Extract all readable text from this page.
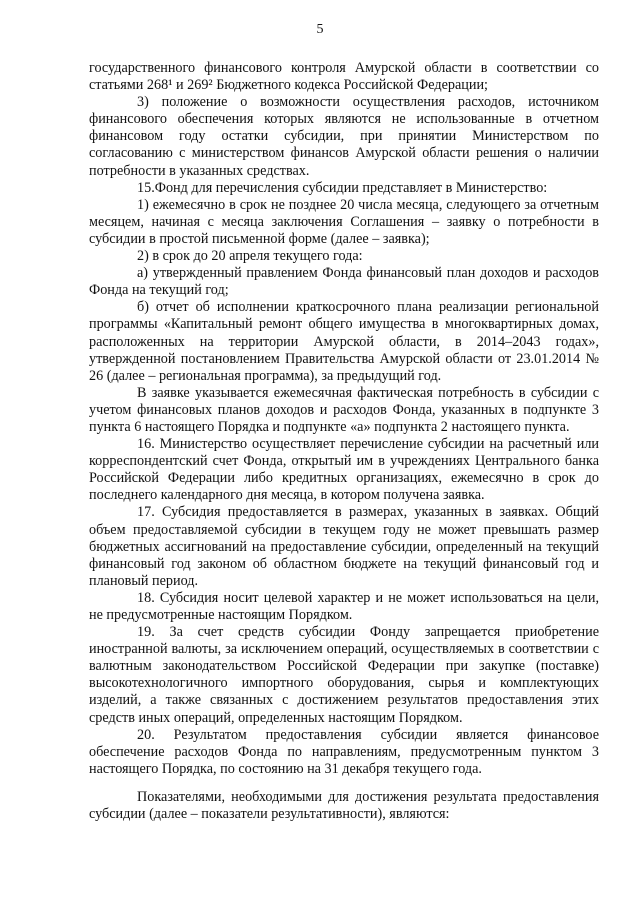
5

государственного финансового контроля Амурской области в соответствии со статьями 268¹ и 269² Бюджетного кодекса Российской Федерации;

3) положение о возможности осуществления расходов, источником финансового обеспечения которых являются не использованные в отчетном финансовом году остатки субсидии, при принятии Министерством по согласованию с министерством финансов Амурской области решения о наличии потребности в указанных средствах.

15.Фонд для перечисления субсидии представляет в Министерство:

1) ежемесячно в срок не позднее 20 числа месяца, следующего за отчетным месяцем, начиная с месяца заключения Соглашения – заявку о потребности в субсидии в простой письменной форме (далее – заявка);

2) в срок до 20 апреля текущего года:

а) утвержденный правлением Фонда финансовый план доходов и расходов Фонда на текущий год;

б) отчет об исполнении краткосрочного плана реализации региональной программы «Капитальный ремонт общего имущества в многоквартирных домах, расположенных на территории Амурской области, в 2014–2043 годах», утвержденной постановлением Правительства Амурской области от 23.01.2014 № 26 (далее – региональная программа), за предыдущий год.

В заявке указывается ежемесячная фактическая потребность в субсидии с учетом финансовых планов доходов и расходов Фонда, указанных в подпункте 3 пункта 6 настоящего Порядка и подпункте «а» подпункта 2 настоящего пункта.

16. Министерство осуществляет перечисление субсидии на расчетный или корреспондентский счет Фонда, открытый им в учреждениях Центрального банка Российской Федерации либо кредитных организациях, ежемесячно в срок до последнего календарного дня месяца, в котором получена заявка.

17. Субсидия предоставляется в размерах, указанных в заявках. Общий объем предоставляемой субсидии в текущем году не может превышать размер бюджетных ассигнований на предоставление субсидии, определенный на текущий финансовый год законом об областном бюджете на текущий финансовый год и плановый период.

18. Субсидия носит целевой характер и не может использоваться на цели, не предусмотренные настоящим Порядком.

19. За счет средств субсидии Фонду запрещается приобретение иностранной валюты, за исключением операций, осуществляемых в соответствии с валютным законодательством Российской Федерации при закупке (поставке) высокотехнологичного импортного оборудования, сырья и комплектующих изделий, а также связанных с достижением результатов предоставления этих средств иных операций, определенных настоящим Порядком.

20. Результатом предоставления субсидии является финансовое обеспечение расходов Фонда по направлениям, предусмотренным пунктом 3 настоящего Порядка, по состоянию на 31 декабря текущего года.

Показателями, необходимыми для достижения результата предоставления субсидии (далее – показатели результативности), являются:
